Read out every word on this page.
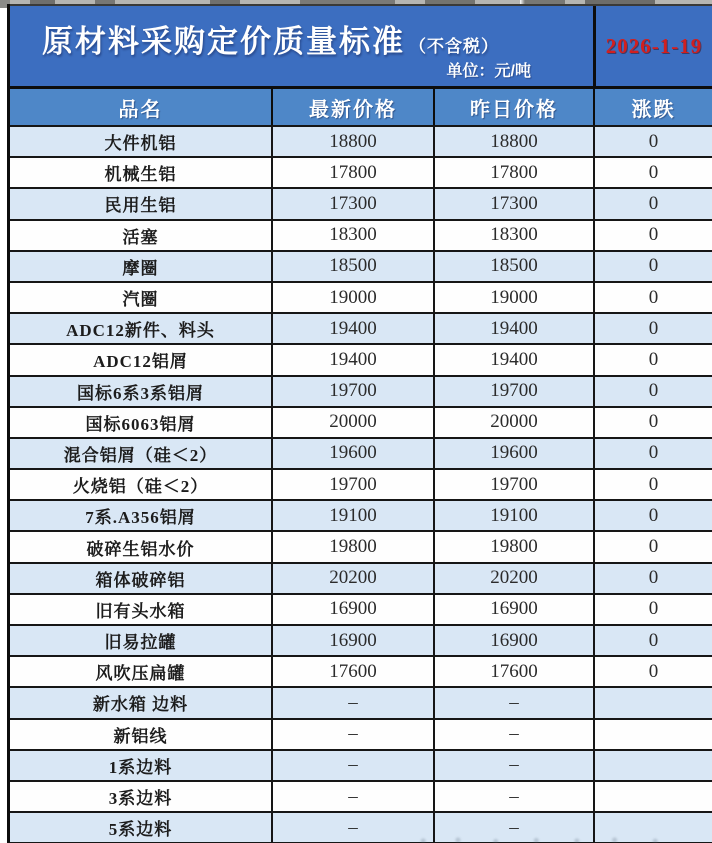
原材料采购定价质量标准 （不含税）
单位：元/吨
2026-1-19
品名	最新价格	昨日价格	涨跌
大件机铝	18800	18800	0
机械生铝	17800	17800	0
民用生铝	17300	17300	0
活塞	18300	18300	0
摩圈	18500	18500	0
汽圈	19000	19000	0
ADC12新件、料头	19400	19400	0
ADC12铝屑	19400	19400	0
国标6系3系铝屑	19700	19700	0
国标6063铝屑	20000	20000	0
混合铝屑（硅＜2）	19600	19600	0
火烧铝（硅＜2）	19700	19700	0
7系.A356铝屑	19100	19100	0
破碎生铝水价	19800	19800	0
箱体破碎铝	20200	20200	0
旧有头水箱	16900	16900	0
旧易拉罐	16900	16900	0
风吹压扁罐	17600	17600	0
新水箱 边料	–	–
新铝线	–	–
1系边料	–	–
3系边料	–	–
5系边料	–	–
